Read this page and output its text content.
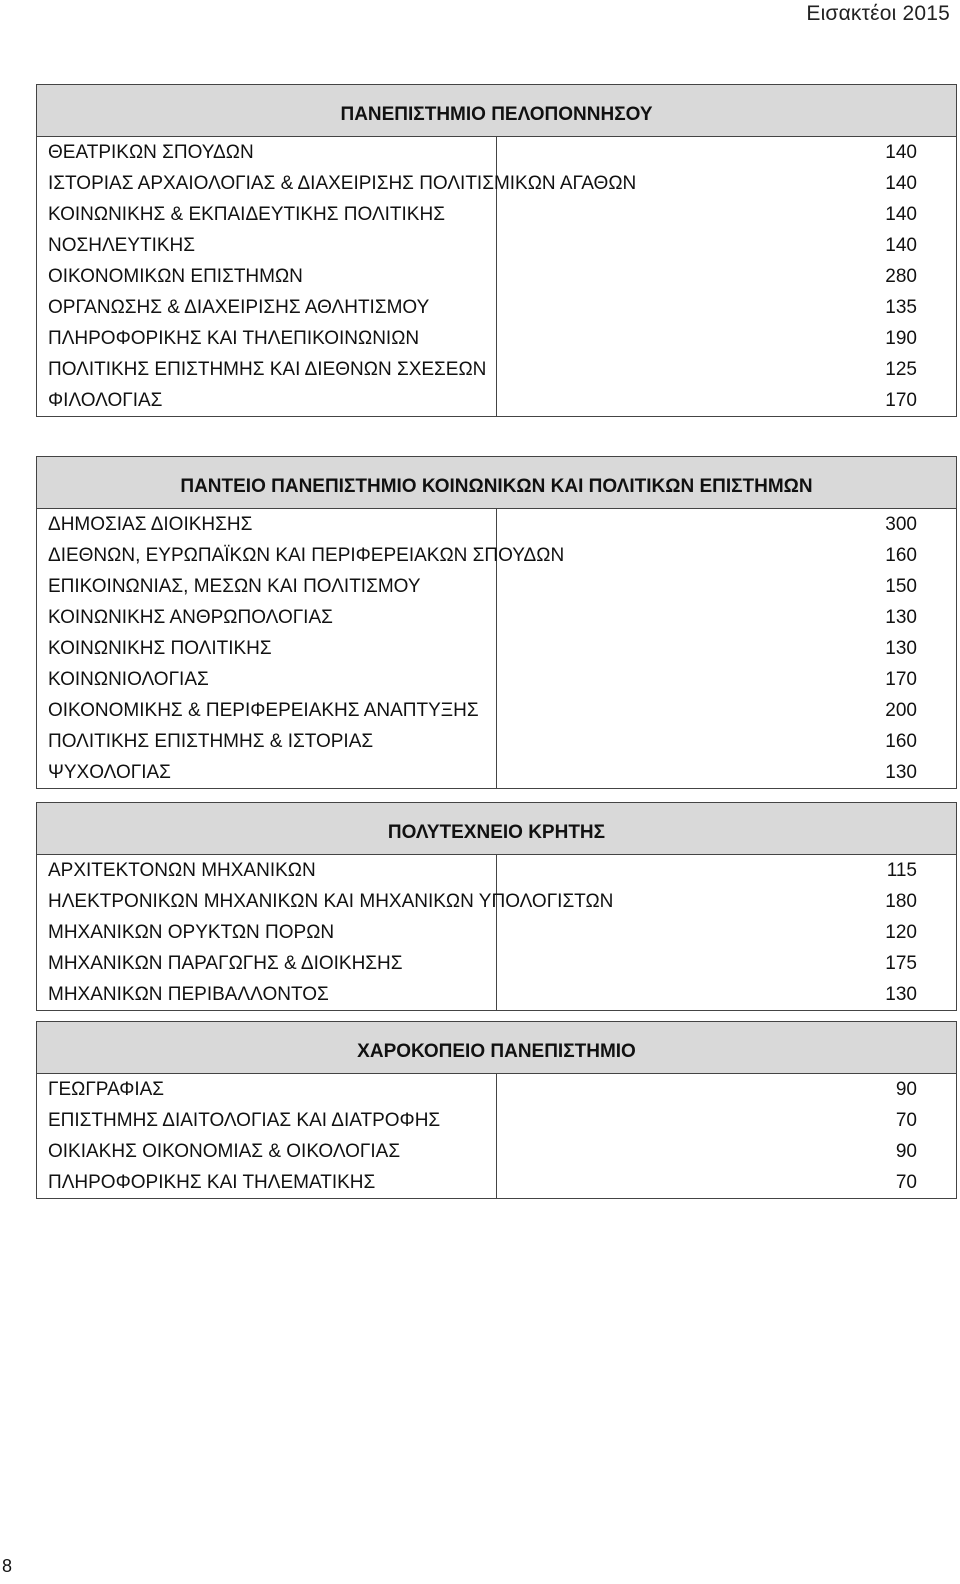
Εισακτέοι 2015
ΠΑΝΕΠΙΣΤΗΜΙΟ ΠΕΛΟΠΟΝΝΗΣΟΥ	
ΘΕΑΤΡΙΚΩΝ ΣΠΟΥΔΩΝ	140
ΙΣΤΟΡΙΑΣ ΑΡΧΑΙΟΛΟΓΙΑΣ & ΔΙΑΧΕΙΡΙΣΗΣ ΠΟΛΙΤΙΣΜΙΚΩΝ ΑΓΑΘΩΝ	140
ΚΟΙΝΩΝΙΚΗΣ & ΕΚΠΑΙΔΕΥΤΙΚΗΣ ΠΟΛΙΤΙΚΗΣ	140
ΝΟΣΗΛΕΥΤΙΚΗΣ	140
ΟΙΚΟΝΟΜΙΚΩΝ ΕΠΙΣΤΗΜΩΝ	280
ΟΡΓΑΝΩΣΗΣ & ΔΙΑΧΕΙΡΙΣΗΣ ΑΘΛΗΤΙΣΜΟΥ	135
ΠΛΗΡΟΦΟΡΙΚΗΣ ΚΑΙ ΤΗΛΕΠΙΚΟΙΝΩΝΙΩΝ	190
ΠΟΛΙΤΙΚΗΣ ΕΠΙΣΤΗΜΗΣ ΚΑΙ ΔΙΕΘΝΩΝ ΣΧΕΣΕΩΝ	125
ΦΙΛΟΛΟΓΙΑΣ	170
ΠΑΝΤΕΙΟ ΠΑΝΕΠΙΣΤΗΜΙΟ ΚΟΙΝΩΝΙΚΩΝ ΚΑΙ ΠΟΛΙΤΙΚΩΝ ΕΠΙΣΤΗΜΩΝ	
ΔΗΜΟΣΙΑΣ ΔΙΟΙΚΗΣΗΣ	300
ΔΙΕΘΝΩΝ, ΕΥΡΩΠΑΪΚΩΝ ΚΑΙ ΠΕΡΙΦΕΡΕΙΑΚΩΝ ΣΠΟΥΔΩΝ	160
ΕΠΙΚΟΙΝΩΝΙΑΣ, ΜΕΣΩΝ ΚΑΙ ΠΟΛΙΤΙΣΜΟΥ	150
ΚΟΙΝΩΝΙΚΗΣ ΑΝΘΡΩΠΟΛΟΓΙΑΣ	130
ΚΟΙΝΩΝΙΚΗΣ ΠΟΛΙΤΙΚΗΣ	130
ΚΟΙΝΩΝΙΟΛΟΓΙΑΣ	170
ΟΙΚΟΝΟΜΙΚΗΣ & ΠΕΡΙΦΕΡΕΙΑΚΗΣ ΑΝΑΠΤΥΞΗΣ	200
ΠΟΛΙΤΙΚΗΣ ΕΠΙΣΤΗΜΗΣ & ΙΣΤΟΡΙΑΣ	160
ΨΥΧΟΛΟΓΙΑΣ	130
ΠΟΛΥΤΕΧΝΕΙΟ ΚΡΗΤΗΣ	
ΑΡΧΙΤΕΚΤΟΝΩΝ ΜΗΧΑΝΙΚΩΝ	115
ΗΛΕΚΤΡΟΝΙΚΩΝ ΜΗΧΑΝΙΚΩΝ ΚΑΙ ΜΗΧΑΝΙΚΩΝ ΥΠΟΛΟΓΙΣΤΩΝ	180
ΜΗΧΑΝΙΚΩΝ ΟΡΥΚΤΩΝ ΠΟΡΩΝ	120
ΜΗΧΑΝΙΚΩΝ ΠΑΡΑΓΩΓΗΣ & ΔΙΟΙΚΗΣΗΣ	175
ΜΗΧΑΝΙΚΩΝ ΠΕΡΙΒΑΛΛΟΝΤΟΣ	130
ΧΑΡΟΚΟΠΕΙΟ ΠΑΝΕΠΙΣΤΗΜΙΟ	
ΓΕΩΓΡΑΦΙΑΣ	90
ΕΠΙΣΤΗΜΗΣ ΔΙΑΙΤΟΛΟΓΙΑΣ ΚΑΙ ΔΙΑΤΡΟΦΗΣ	70
ΟΙΚΙΑΚΗΣ ΟΙΚΟΝΟΜΙΑΣ & ΟΙΚΟΛΟΓΙΑΣ	90
ΠΛΗΡΟΦΟΡΙΚΗΣ ΚΑΙ ΤΗΛΕΜΑΤΙΚΗΣ	70
8
